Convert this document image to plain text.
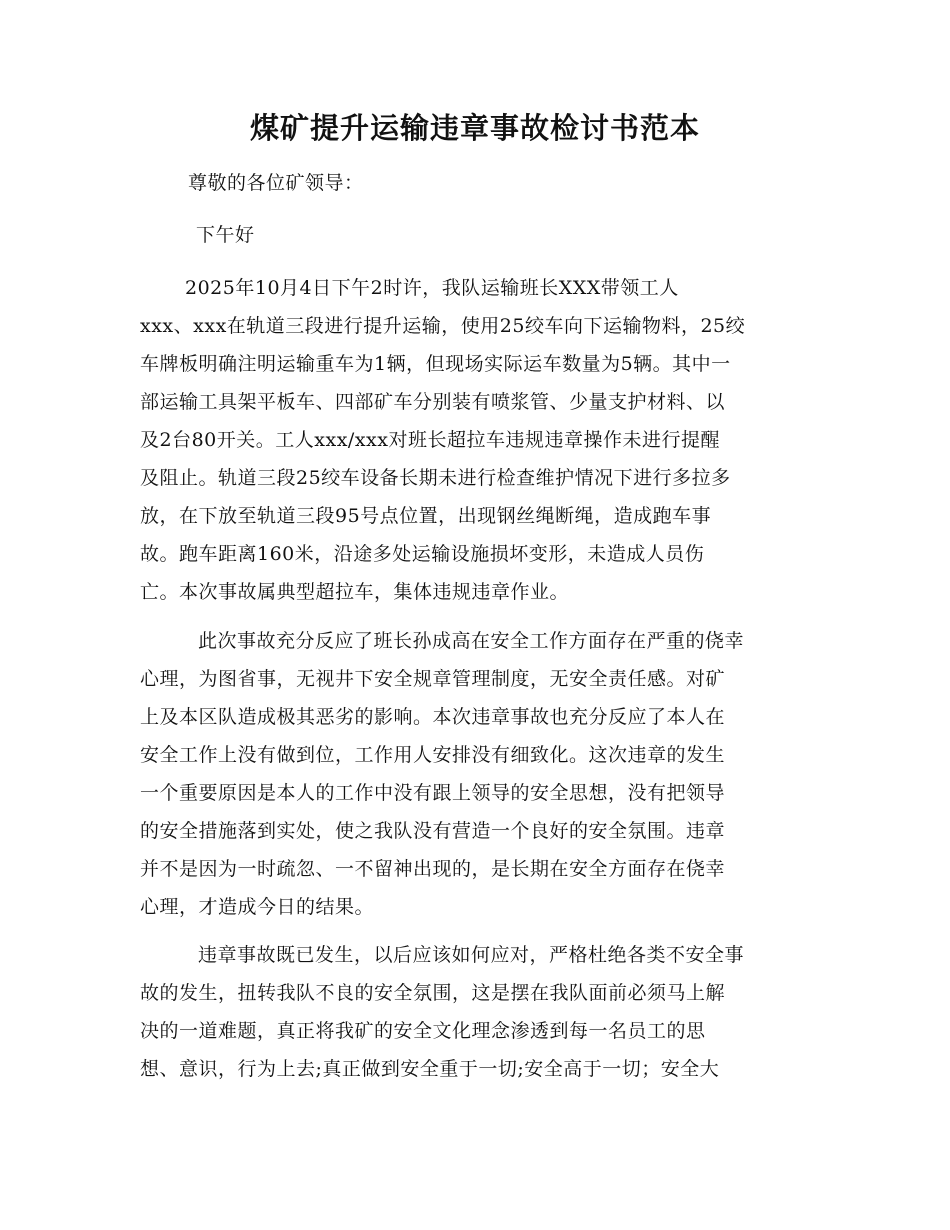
煤矿提升运输违章事故检讨书范本
尊敬的各位矿领导：
下午好
2025年10月4日下午2时许，我队运输班长XXX带领工人
xxx、xxx在轨道三段进行提升运输，使用25绞车向下运输物料，25绞
车牌板明确注明运输重车为1辆，但现场实际运车数量为5辆。其中一
部运输工具架平板车、四部矿车分别装有喷浆管、少量支护材料、以
及2台80开关。工人xxx/xxx对班长超拉车违规违章操作未进行提醒
及阻止。轨道三段25绞车设备长期未进行检查维护情况下进行多拉多
放，在下放至轨道三段95号点位置，出现钢丝绳断绳，造成跑车事
故。跑车距离160米，沿途多处运输设施损坏变形，未造成人员伤
亡。本次事故属典型超拉车，集体违规违章作业。
此次事故充分反应了班长孙成高在安全工作方面存在严重的侥幸
心理，为图省事，无视井下安全规章管理制度，无安全责任感。对矿
上及本区队造成极其恶劣的影响。本次违章事故也充分反应了本人在
安全工作上没有做到位，工作用人安排没有细致化。这次违章的发生
一个重要原因是本人的工作中没有跟上领导的安全思想，没有把领导
的安全措施落到实处，使之我队没有营造一个良好的安全氛围。违章
并不是因为一时疏忽、一不留神出现的，是长期在安全方面存在侥幸
心理，才造成今日的结果。
违章事故既已发生，以后应该如何应对，严格杜绝各类不安全事
故的发生，扭转我队不良的安全氛围，这是摆在我队面前必须马上解
决的一道难题，真正将我矿的安全文化理念渗透到每一名员工的思
想、意识，行为上去;真正做到安全重于一切;安全高于一切；安全大
